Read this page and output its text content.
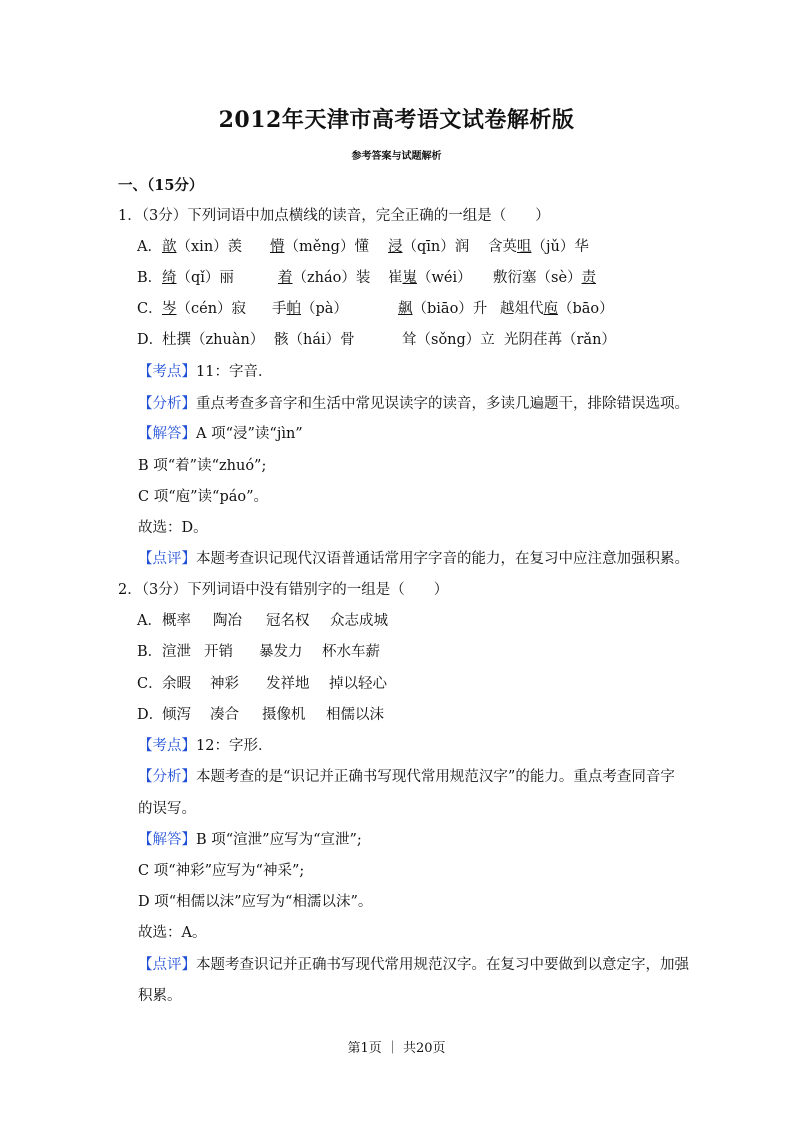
2012年天津市高考语文试卷解析版
参考答案与试题解析
一、（15分）
1．（3分）下列词语中加点横线的读音，完全正确的一组是（　　）
A．歆（xin）羡 懵（měng）懂 浸（qīn）润 含英咀（jǔ）华
B．绮（qǐ）丽	着（zháo）装 崔嵬（wéi） 敷衍塞（sè）责
C．岑（cén）寂 手帕（pà）	飙（biāo）升 越俎代庖（bāo）
D．杜撰（zhuàn） 骸（hái）骨	耸（sǒng）立 光阴荏苒（rǎn）
【考点】11：字音．
【分析】重点考查多音字和生活中常见误读字的读音，多读几遍题干，排除错误选项。
【解答】A 项“浸”读“jìn”
B 项“着”读“zhuó”;
C 项“庖”读“páo”。
故选：D。
【点评】本题考查识记现代汉语普通话常用字字音的能力，在复习中应注意加强积累。
2．（3分）下列词语中没有错别字的一组是（　　）
A．概率 陶冶 冠名权 众志成城
B．渲泄 开销 暴发力 杯水车薪
C．余暇 神彩 发祥地 掉以轻心
D．倾泻 凑合 摄像机 相儒以沫
【考点】12：字形．
【分析】本题考查的是“识记并正确书写现代常用规范汉字”的能力。重点考查同音字
的误写。
【解答】B 项“渲泄”应写为“宣泄”;
C 项“神彩”应写为“神采”;
D 项“相儒以沫”应写为“相濡以沫”。
故选：A。
【点评】本题考查识记并正确书写现代常用规范汉字。在复习中要做到以意定字，加强
积累。
第1页 ｜ 共20页
